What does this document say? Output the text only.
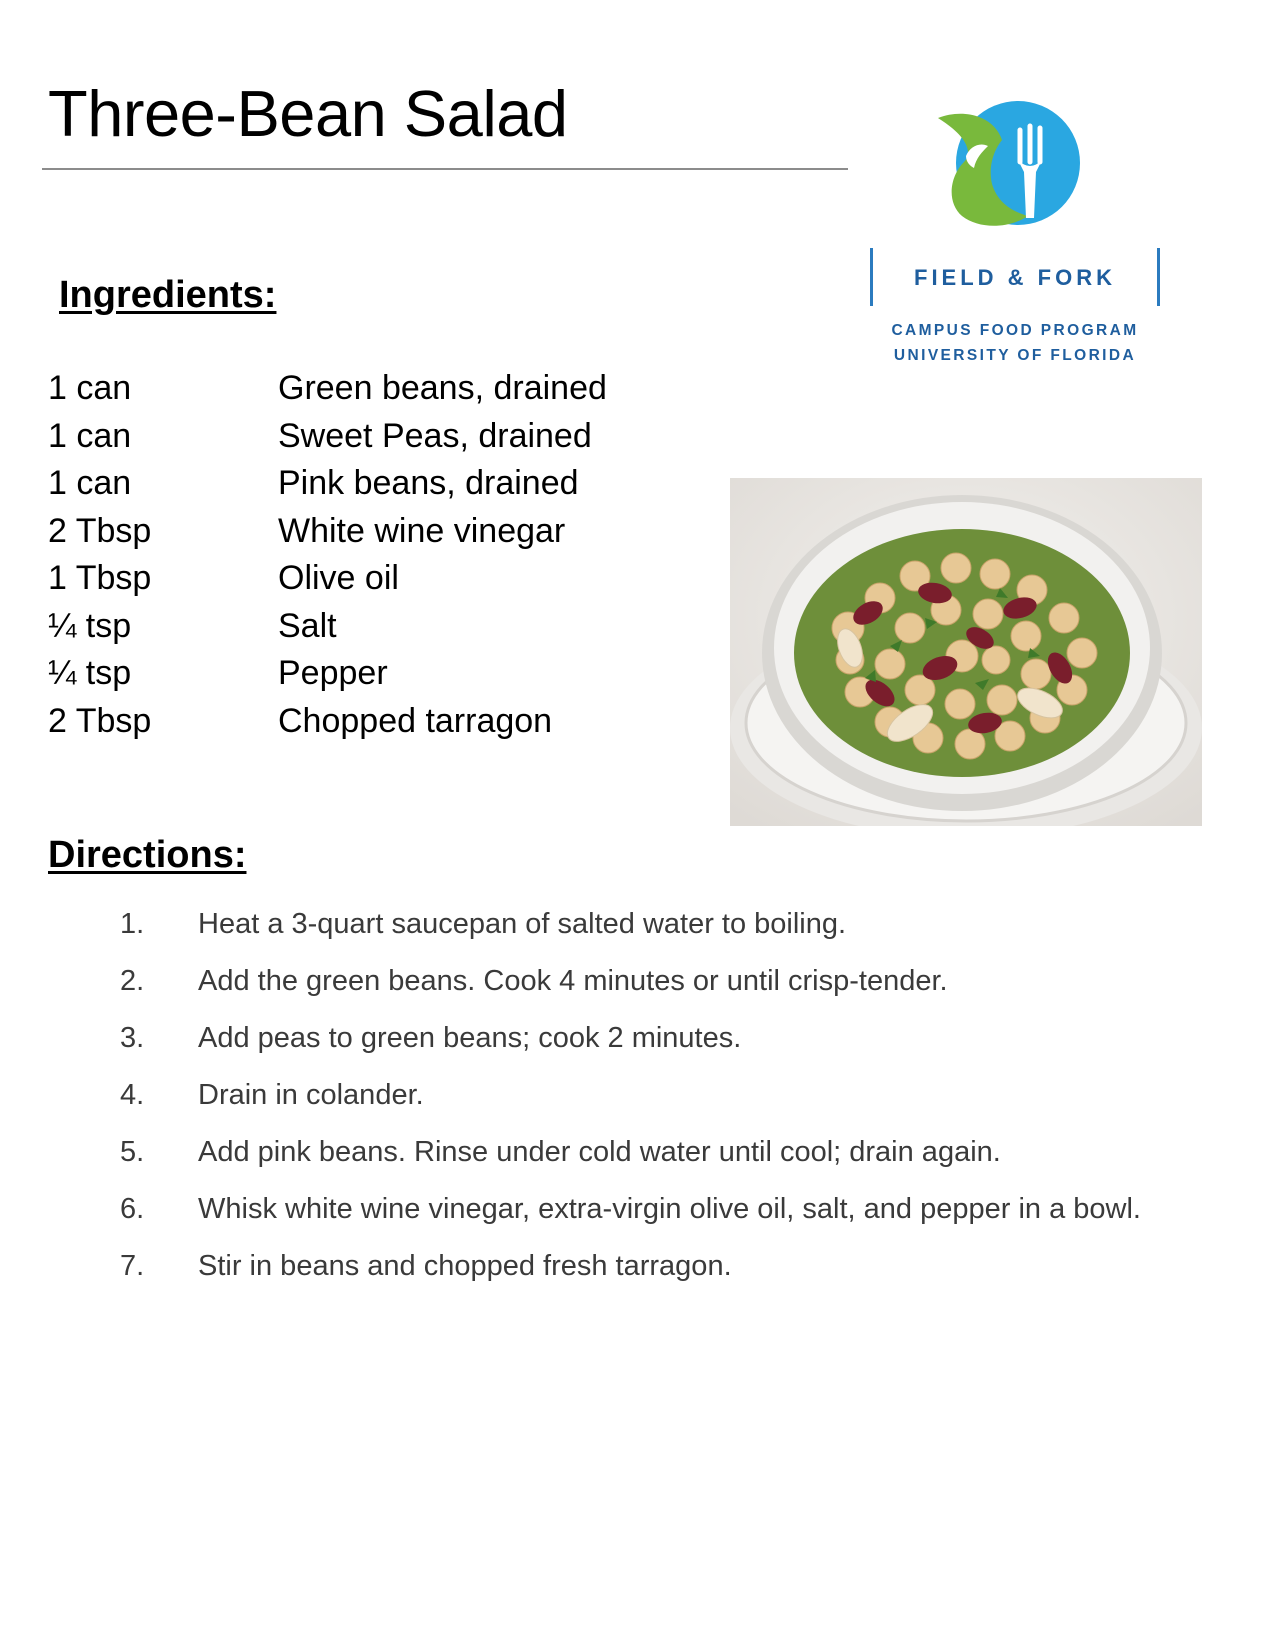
Three-Bean Salad
FIELD & FORK
CAMPUS FOOD PROGRAM
UNIVERSITY OF FLORIDA
Ingredients:
1 can	Green beans, drained
1 can	Sweet Peas, drained
1 can	Pink beans, drained
2 Tbsp	White wine vinegar
1 Tbsp	Olive oil
¼ tsp	Salt
¼ tsp	Pepper
2 Tbsp	Chopped tarragon
Directions:
1.	Heat a 3-quart saucepan of salted water to boiling.
2.	Add the green beans. Cook 4 minutes or until crisp-tender.
3.	Add peas to green beans; cook 2 minutes.
4.	Drain in colander.
5.	Add pink beans. Rinse under cold water until cool; drain again.
6.	Whisk white wine vinegar, extra-virgin olive oil, salt, and pepper in a bowl.
7.	Stir in beans and chopped fresh tarragon.
